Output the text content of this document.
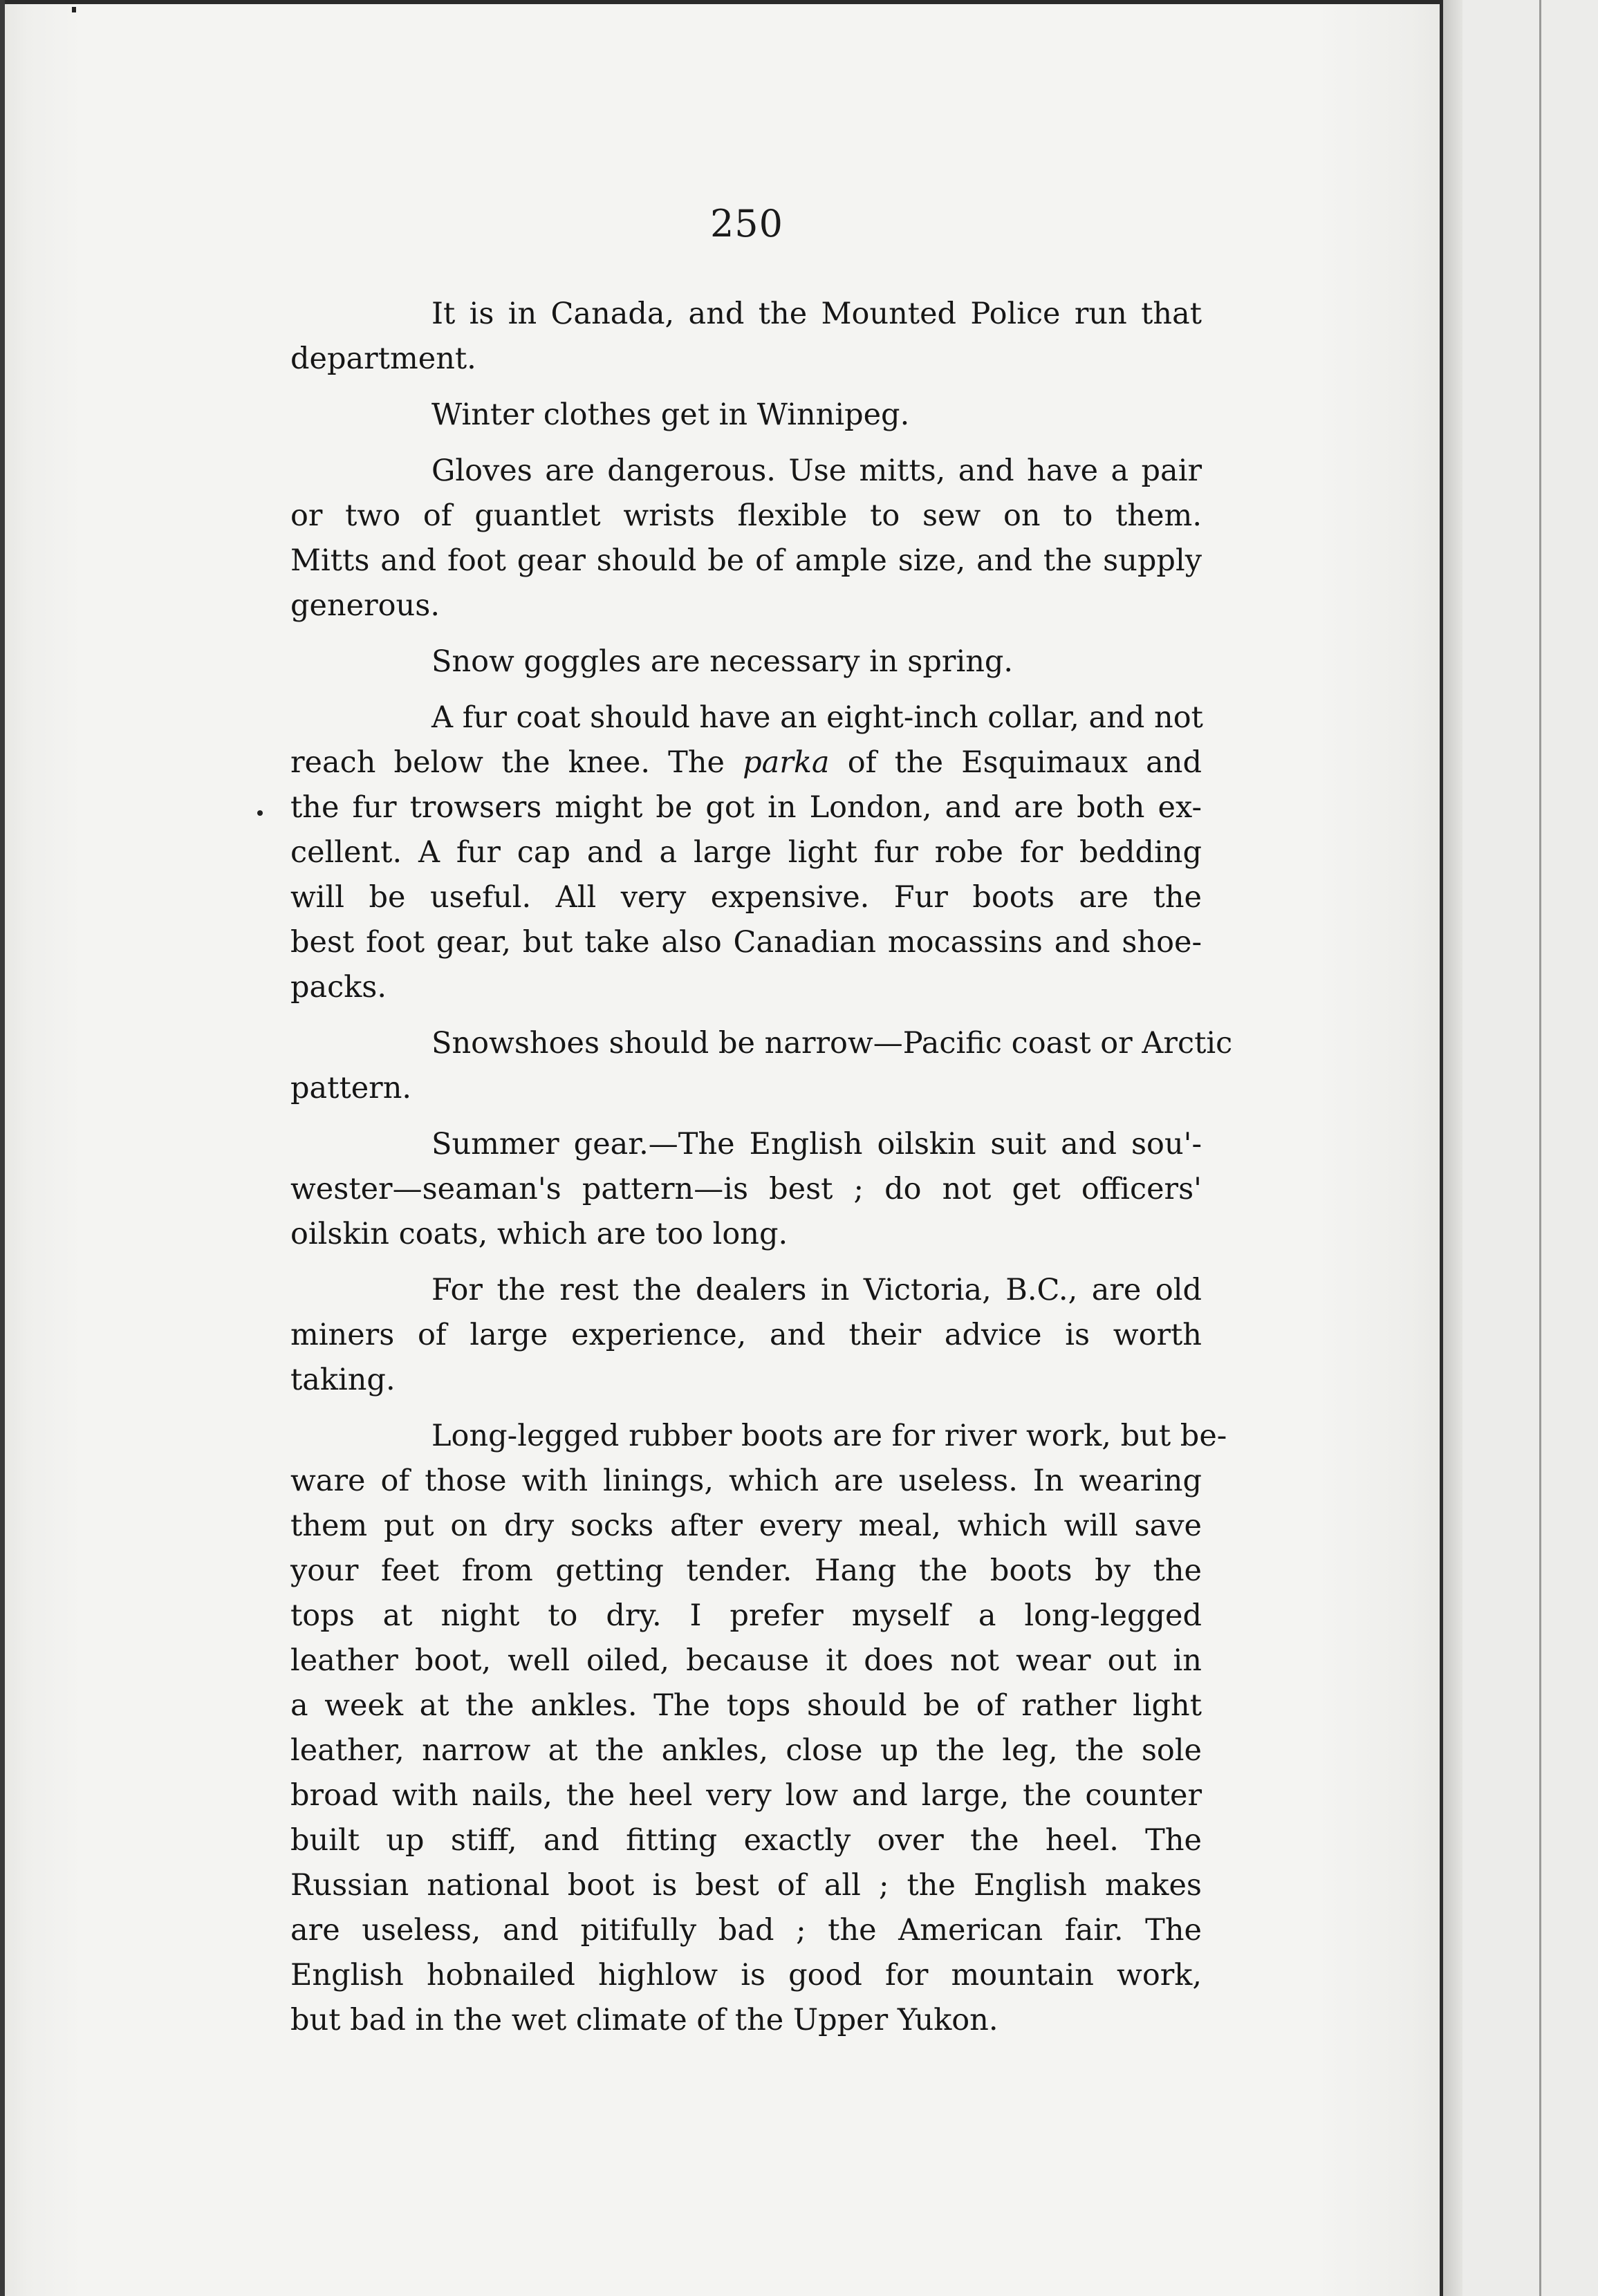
250

It is in Canada, and the Mounted Police run that
department.

Winter clothes get in Winnipeg.

Gloves are dangerous. Use mitts, and have a pair
or two of guantlet wrists flexible to sew on to them.
Mitts and foot gear should be of ample size, and the supply
generous.

Snow goggles are necessary in spring.

A fur coat should have an eight-inch collar, and not
reach below the knee. The parka of the Esquimaux and
the fur trowsers might be got in London, and are both ex-
cellent. A fur cap and a large light fur robe for bedding
will be useful. All very expensive. Fur boots are the
best foot gear, but take also Canadian mocassins and shoe-
packs.

Snowshoes should be narrow—Pacific coast or Arctic
pattern.

Summer gear.—The English oilskin suit and sou'-
wester—seaman's pattern—is best ; do not get officers'
oilskin coats, which are too long.

For the rest the dealers in Victoria, B.C., are old
miners of large experience, and their advice is worth
taking.

Long-legged rubber boots are for river work, but be-
ware of those with linings, which are useless. In wearing
them put on dry socks after every meal, which will save
your feet from getting tender. Hang the boots by the
tops at night to dry. I prefer myself a long-legged
leather boot, well oiled, because it does not wear out in
a week at the ankles. The tops should be of rather light
leather, narrow at the ankles, close up the leg, the sole
broad with nails, the heel very low and large, the counter
built up stiff, and fitting exactly over the heel. The
Russian national boot is best of all ; the English makes
are useless, and pitifully bad ; the American fair. The
English hobnailed highlow is good for mountain work,
but bad in the wet climate of the Upper Yukon.
